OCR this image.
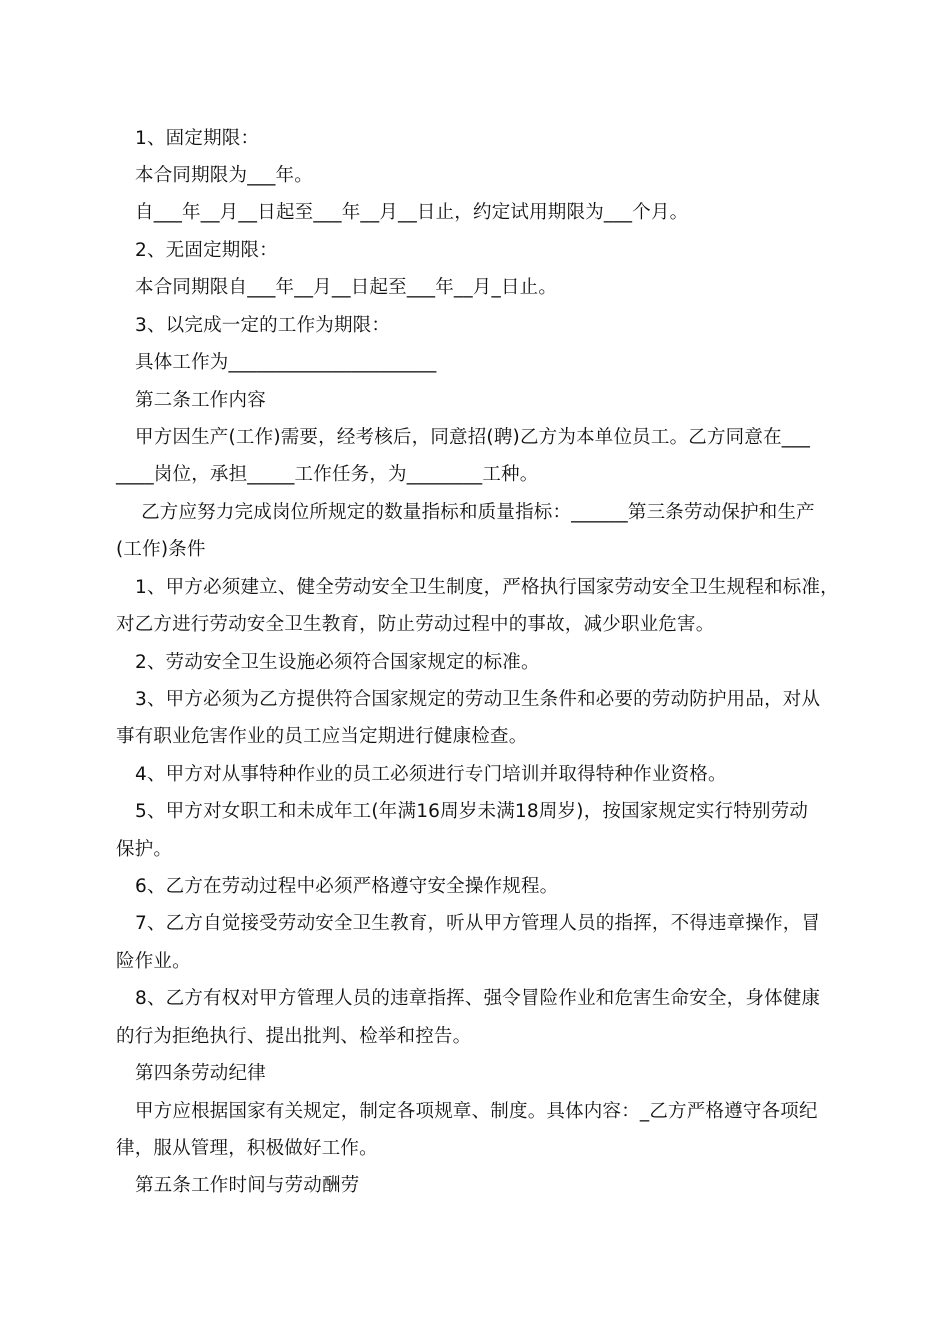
1、固定期限：
本合同期限为___年。
自___年__月__日起至___年__月__日止，约定试用期限为___个月。
2、无固定期限：
本合同期限自___年__月__日起至___年__月_日止。
3、以完成一定的工作为期限：
具体工作为______________________
第二条工作内容
甲方因生产(工作)需要，经考核后，同意招(聘)乙方为本单位员工。乙方同意在___
____岗位，承担_____工作任务，为________工种。
乙方应努力完成岗位所规定的数量指标和质量指标：______第三条劳动保护和生产
(工作)条件
1、甲方必须建立、健全劳动安全卫生制度，严格执行国家劳动安全卫生规程和标准，
对乙方进行劳动安全卫生教育，防止劳动过程中的事故，减少职业危害。
2、劳动安全卫生设施必须符合国家规定的标准。
3、甲方必须为乙方提供符合国家规定的劳动卫生条件和必要的劳动防护用品，对从
事有职业危害作业的员工应当定期进行健康检查。
4、甲方对从事特种作业的员工必须进行专门培训并取得特种作业资格。
5、甲方对女职工和未成年工(年满16周岁未满18周岁)，按国家规定实行特别劳动
保护。
6、乙方在劳动过程中必须严格遵守安全操作规程。
7、乙方自觉接受劳动安全卫生教育，听从甲方管理人员的指挥，不得违章操作，冒
险作业。
8、乙方有权对甲方管理人员的违章指挥、强令冒险作业和危害生命安全，身体健康
的行为拒绝执行、提出批判、检举和控告。
第四条劳动纪律
甲方应根据国家有关规定，制定各项规章、制度。具体内容：_乙方严格遵守各项纪
律，服从管理，积极做好工作。
第五条工作时间与劳动酬劳
